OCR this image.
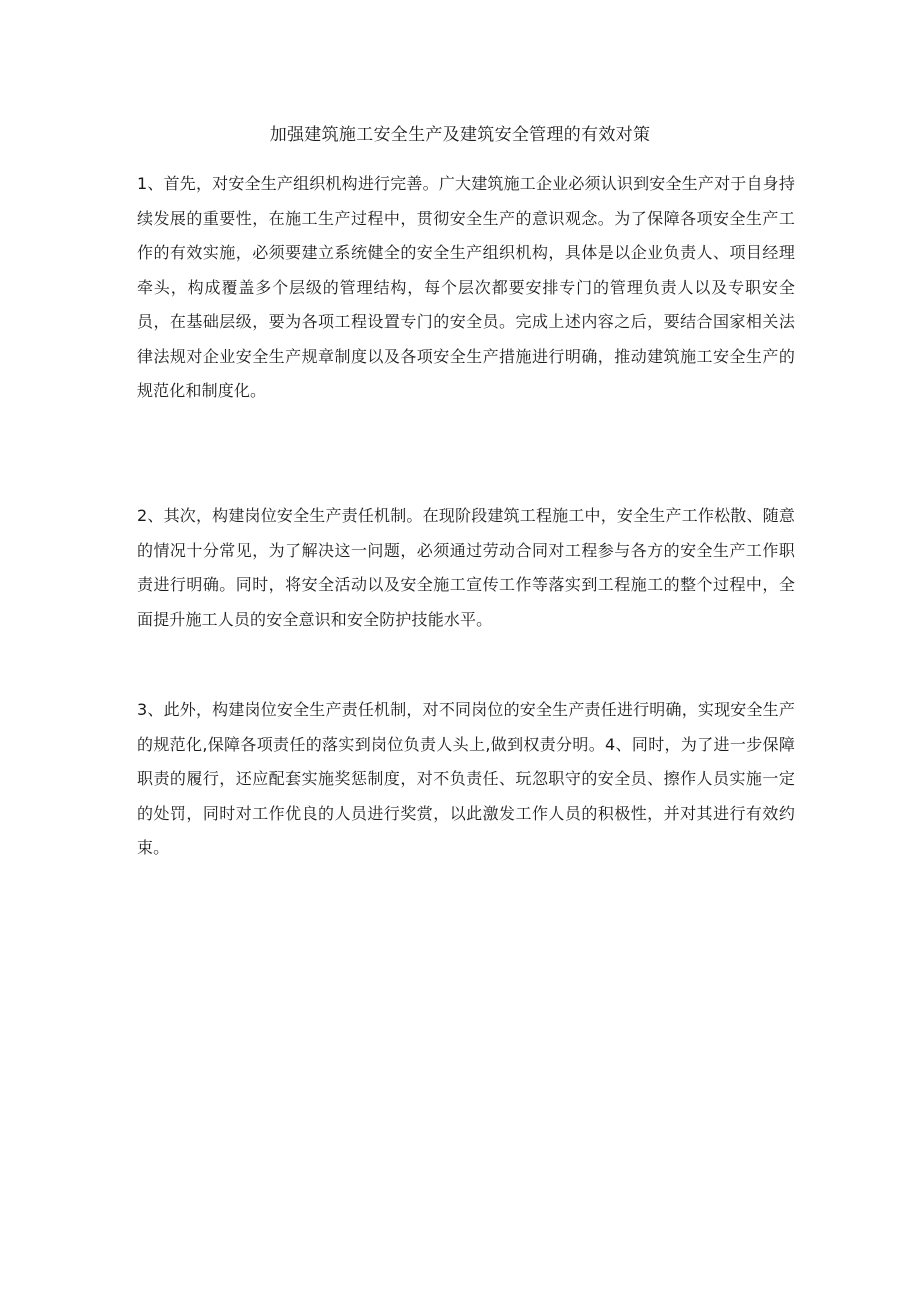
加强建筑施工安全生产及建筑安全管理的有效对策

1、首先，对安全生产组织机构进行完善。广大建筑施工企业必须认识到安全生产对于自身持续发展的重要性，在施工生产过程中，贯彻安全生产的意识观念。为了保障各项安全生产工作的有效实施，必须要建立系统健全的安全生产组织机构，具体是以企业负责人、项目经理牵头，构成覆盖多个层级的管理结构，每个层次都要安排专门的管理负责人以及专职安全员，在基础层级，要为各项工程设置专门的安全员。完成上述内容之后，要结合国家相关法律法规对企业安全生产规章制度以及各项安全生产措施进行明确，推动建筑施工安全生产的规范化和制度化。

2、其次，构建岗位安全生产责任机制。在现阶段建筑工程施工中，安全生产工作松散、随意的情况十分常见，为了解决这一问题，必须通过劳动合同对工程参与各方的安全生产工作职责进行明确。同时，将安全活动以及安全施工宣传工作等落实到工程施工的整个过程中，全面提升施工人员的安全意识和安全防护技能水平。

3、此外，构建岗位安全生产责任机制，对不同岗位的安全生产责任进行明确，实现安全生产的规范化,保障各项责任的落实到岗位负责人头上,做到权责分明。4、同时，为了进一步保障职责的履行，还应配套实施奖惩制度，对不负责任、玩忽职守的安全员、擦作人员实施一定的处罚，同时对工作优良的人员进行奖赏，以此激发工作人员的积极性，并对其进行有效约束。
